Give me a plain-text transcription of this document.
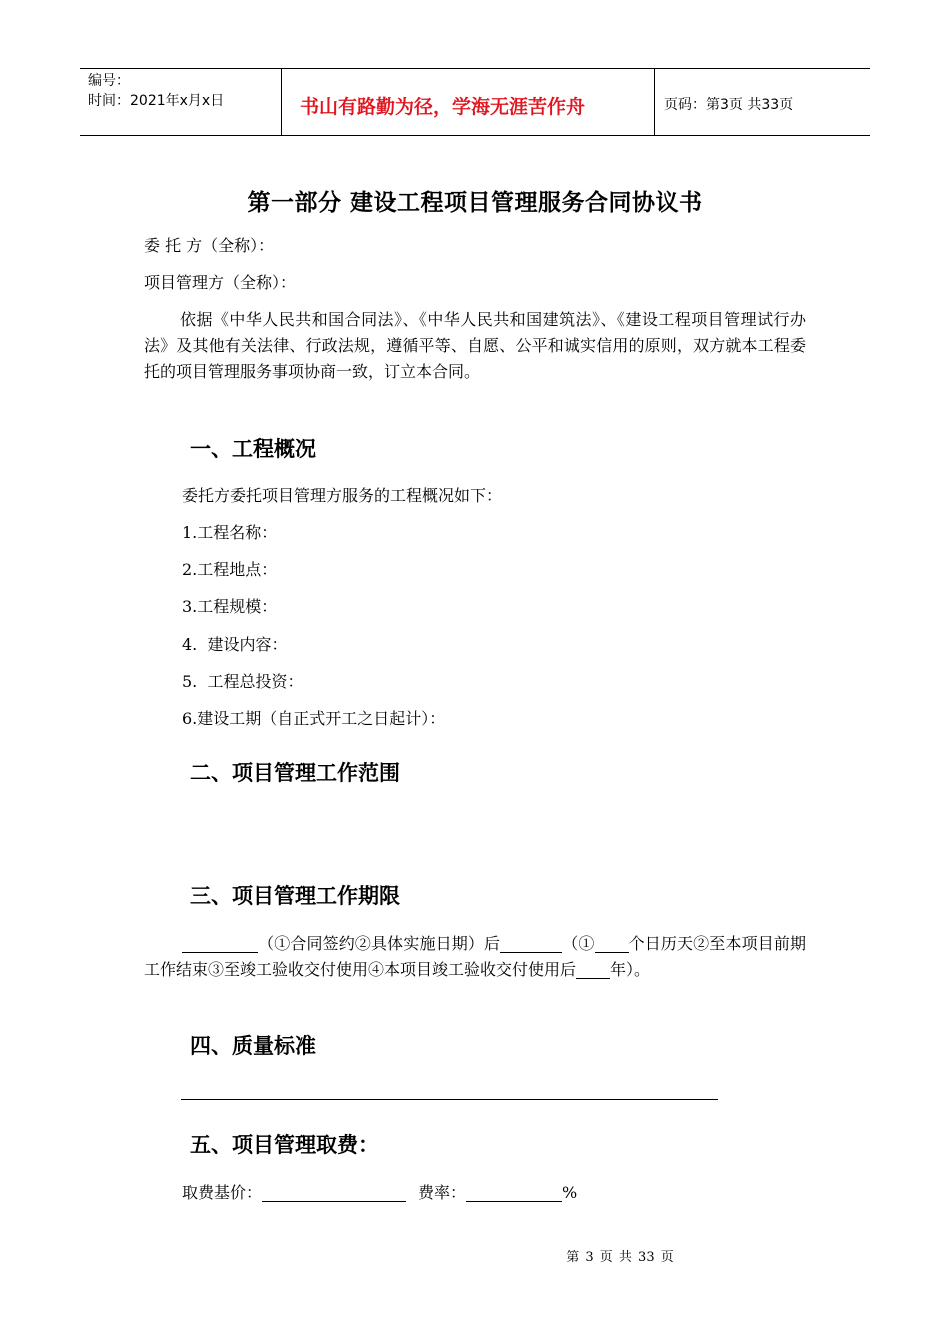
编号：
时间：2021年x月x日	书山有路勤为径，学海无涯苦作舟	页码：第3页 共33页
第一部分 建设工程项目管理服务合同协议书
委 托 方（全称）：
项目管理方（全称）：
依据《中华人民共和国合同法》、《中华人民共和国建筑法》、《建设工程项目管理试行办法》及其他有关法律、行政法规，遵循平等、自愿、公平和诚实信用的原则，双方就本工程委托的项目管理服务事项协商一致，订立本合同。
一、工程概况
委托方委托项目管理方服务的工程概况如下：
1.工程名称：
2.工程地点：
3.工程规模：
4.  建设内容：
5.  工程总投资：
6.建设工期（自正式开工之日起计）：
二、项目管理工作范围
三、项目管理工作期限
（①合同签约②具体实施日期）后	（① 个日历天②至本项目前期工作结束③至竣工验收交付使用④本项目竣工验收交付使用后 年）。
四、质量标准
五、项目管理取费：
取费基价：	费率：	%
第 3 页 共 33 页
